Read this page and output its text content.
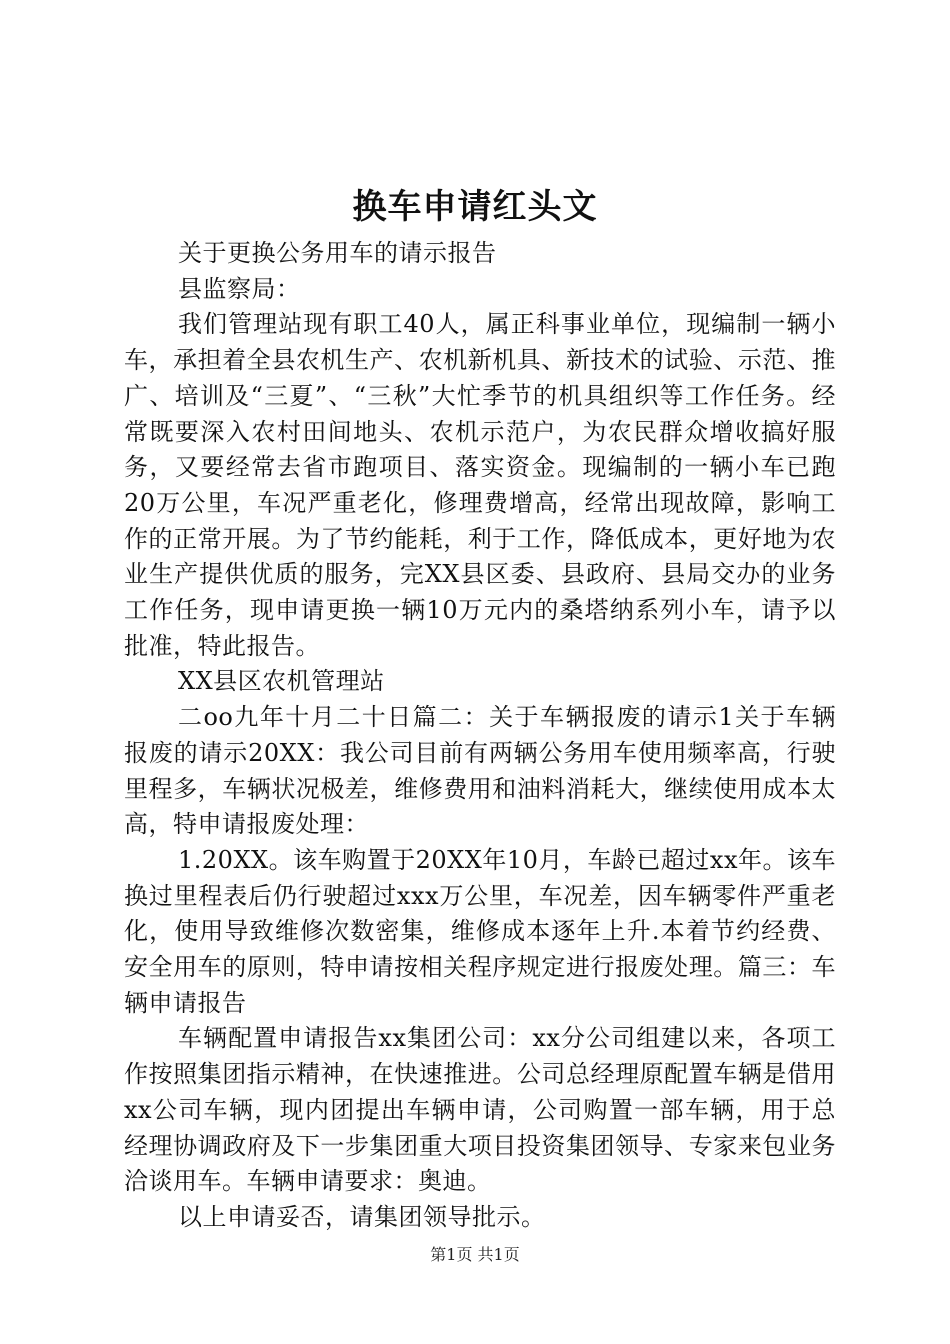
换车申请红头文

关于更换公务用车的请示报告

县监察局：

我们管理站现有职工40人，属正科事业单位，现编制一辆小车，承担着全县农机生产、农机新机具、新技术的试验、示范、推广、培训及“三夏”、“三秋”大忙季节的机具组织等工作任务。经常既要深入农村田间地头、农机示范户，为农民群众增收搞好服务，又要经常去省市跑项目、落实资金。现编制的一辆小车已跑20万公里，车况严重老化，修理费增高，经常出现故障，影响工作的正常开展。为了节约能耗，利于工作，降低成本，更好地为农业生产提供优质的服务，完XX县区委、县政府、县局交办的业务工作任务，现申请更换一辆10万元内的桑塔纳系列小车，请予以批准，特此报告。

XX县区农机管理站

二oo九年十月二十日篇二：关于车辆报废的请示1关于车辆报废的请示20XX：我公司目前有两辆公务用车使用频率高，行驶里程多，车辆状况极差，维修费用和油料消耗大，继续使用成本太高，特申请报废处理：

1.20XX。该车购置于20XX年10月，车龄已超过xx年。该车换过里程表后仍行驶超过xxx万公里，车况差，因车辆零件严重老化，使用导致维修次数密集，维修成本逐年上升.本着节约经费、安全用车的原则，特申请按相关程序规定进行报废处理。篇三：车辆申请报告

车辆配置申请报告xx集团公司：xx分公司组建以来，各项工作按照集团指示精神，在快速推进。公司总经理原配置车辆是借用xx公司车辆，现内团提出车辆申请，公司购置一部车辆，用于总经理协调政府及下一步集团重大项目投资集团领导、专家来包业务洽谈用车。车辆申请要求：奥迪。

以上申请妥否，请集团领导批示。

第1页 共1页
